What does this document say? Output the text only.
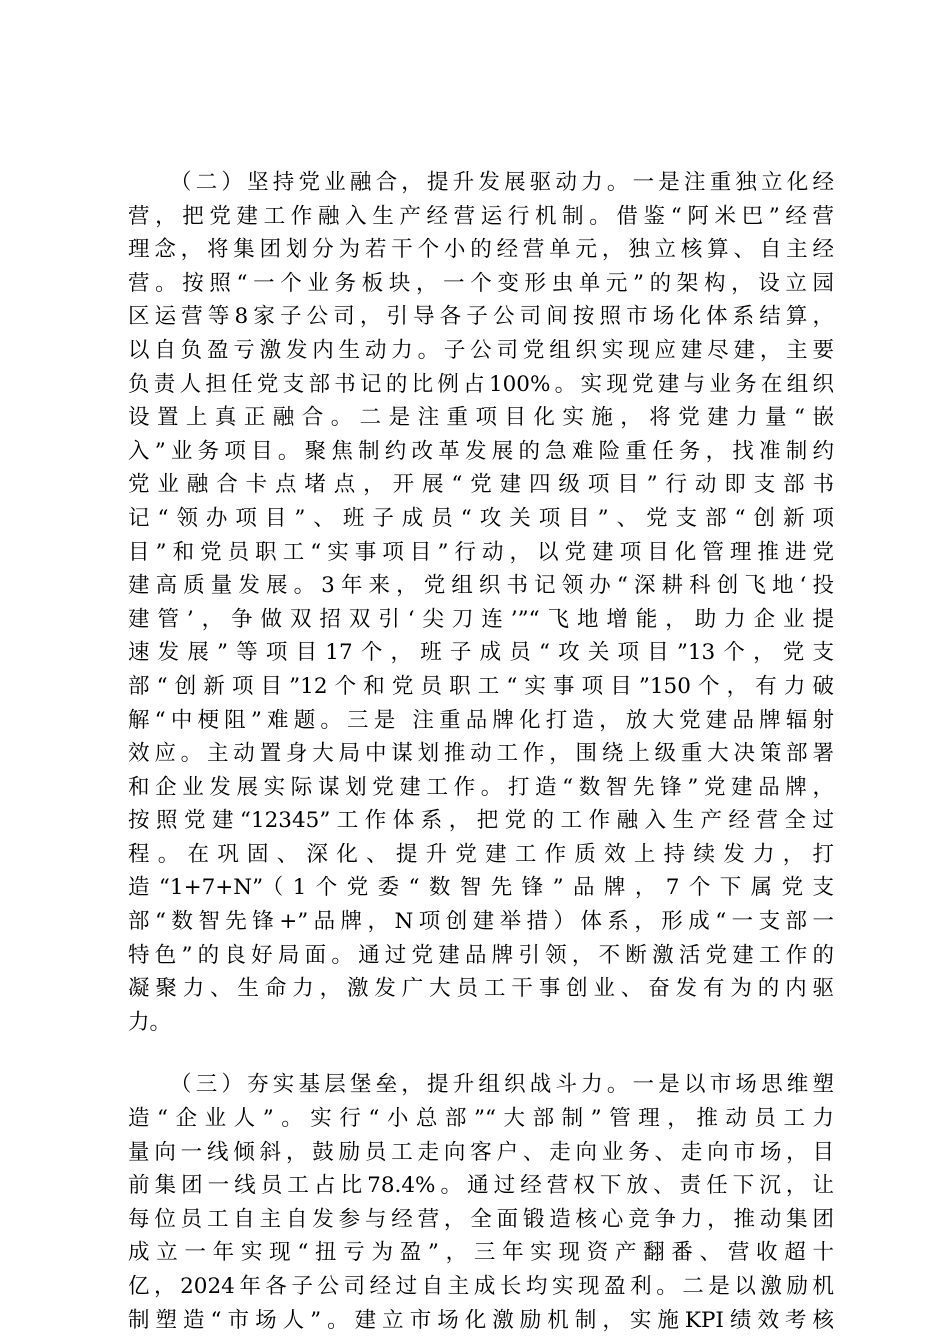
（二）坚持党业融合，提升发展驱动力。一是注重独立化经
营，把党建工作融入生产经营运行机制。借鉴“阿米巴”经营
理念，将集团划分为若干个小的经营单元，独立核算、自主经
营。按照“一个业务板块，一个变形虫单元”的架构，设立园
区运营等8家子公司，引导各子公司间按照市场化体系结算，
以自负盈亏激发内生动力。子公司党组织实现应建尽建，主要
负责人担任党支部书记的比例占100%。实现党建与业务在组织
设置上真正融合。二是注重项目化实施，将党建力量“嵌
入”业务项目。聚焦制约改革发展的急难险重任务，找准制约
党业融合卡点堵点，开展“党建四级项目”行动即支部书
记“领办项目”、班子成员“攻关项目”、党支部“创新项
目”和党员职工“实事项目”行动，以党建项目化管理推进党
建高质量发展。3年来，党组织书记领办“深耕科创飞地‘投
建管’，争做双招双引‘尖刀连’”“飞地增能，助力企业提
速发展”等项目17个，班子成员“攻关项目”13个，党支
部“创新项目”12个和党员职工“实事项目”150个，有力破
解“中梗阻”难题。三是 注重品牌化打造，放大党建品牌辐射
效应。主动置身大局中谋划推动工作，围绕上级重大决策部署
和企业发展实际谋划党建工作。打造“数智先锋”党建品牌，
按照党建“12345”工作体系，把党的工作融入生产经营全过
程。在巩固、深化、提升党建工作质效上持续发力，打
造“1+7+N”（1个党委“数智先锋”品牌，7个下属党支
部“数智先锋+”品牌，N项创建举措）体系，形成“一支部一
特色”的良好局面。通过党建品牌引领，不断激活党建工作的
凝聚力、生命力，激发广大员工干事创业、奋发有为的内驱
力。

（三）夯实基层堡垒，提升组织战斗力。一是以市场思维塑
造“企业人”。实行“小总部”“大部制”管理，推动员工力
量向一线倾斜，鼓励员工走向客户、走向业务、走向市场，目
前集团一线员工占比78.4%。通过经营权下放、责任下沉，让
每位员工自主自发参与经营，全面锻造核心竞争力，推动集团
成立一年实现“扭亏为盈”，三年实现资产翻番、营收超十
亿，2024年各子公司经过自主成长均实现盈利。二是以激励机
制塑造“市场人”。建立市场化激励机制，实施KPI绩效考核
